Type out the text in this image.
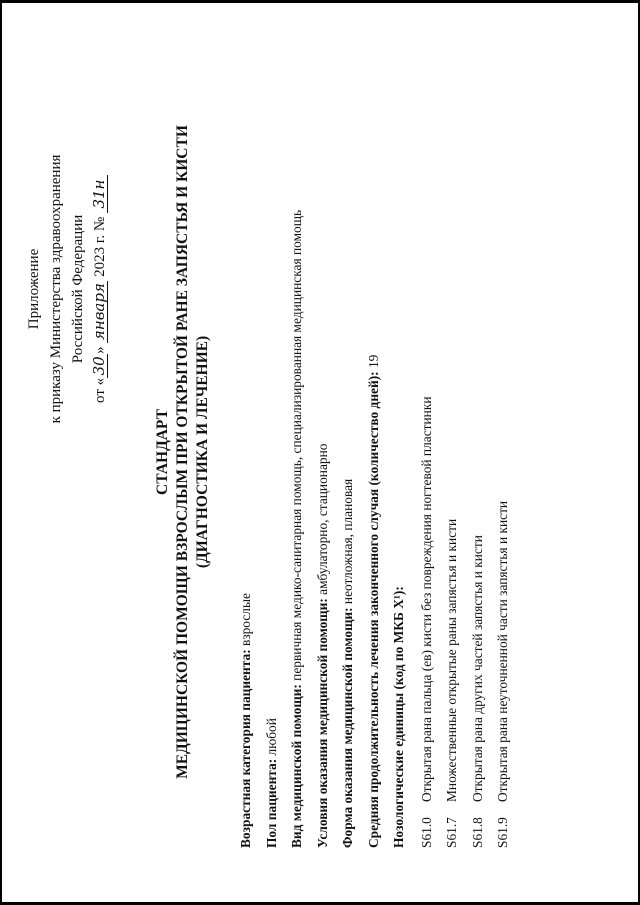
Приложение к приказу Министерства здравоохранения Российской Федерации
от «30» января 2023 г. № 31н
СТАНДАРТ МЕДИЦИНСКОЙ ПОМОЩИ ВЗРОСЛЫМ ПРИ ОТКРЫТОЙ РАНЕ ЗАПЯСТЬЯ И КИСТИ (ДИАГНОСТИКА И ЛЕЧЕНИЕ)
Возрастная категория пациента: взрослые
Пол пациента: любой Вид медицинской помощи: первичная медико-санитарная помощь, специализированная медицинская помощь
Условия оказания медицинской помощи: амбулаторно, стационарно
Форма оказания медицинской помощи: неотложная, плановая Средняя продолжительность лечения законченного случая (количество дней): 19
Нозологические единицы (код по МКБ X¹): S61.0
Открытая рана пальца (ев) кисти без повреждения ногтевой пластинки
S61.7
Множественные открытые раны запястья и кисти
S61.8
Открытая рана других частей запястья и кисти
S61.9
Открытая рана неуточненной части запястья и кисти
